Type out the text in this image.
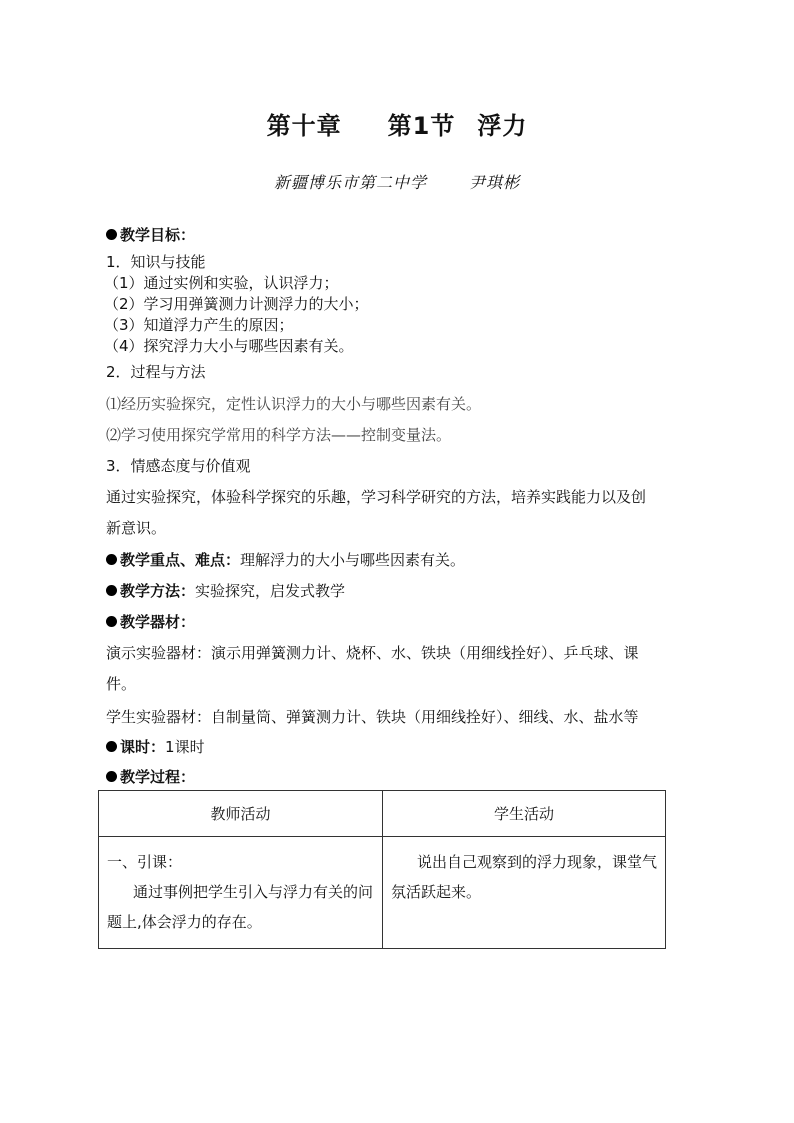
第十章 第1节 浮力
新疆博乐市第二中学	尹琪彬
教学目标：
1．知识与技能
（1）通过实例和实验，认识浮力；
（2）学习用弹簧测力计测浮力的大小；
（3）知道浮力产生的原因；
（4）探究浮力大小与哪些因素有关。
2．过程与方法
⑴经历实验探究，定性认识浮力的大小与哪些因素有关。
⑵学习使用探究学常用的科学方法——控制变量法。
3．情感态度与价值观
通过实验探究，体验科学探究的乐趣，学习科学研究的方法，培养实践能力以及创
新意识。
教学重点、难点：理解浮力的大小与哪些因素有关。
教学方法：实验探究，启发式教学
教学器材：
演示实验器材：演示用弹簧测力计、烧杯、水、铁块（用细线拴好）、乒乓球、课
件。
学生实验器材：自制量筒、弹簧测力计、铁块（用细线拴好）、细线、水、盐水等
课时：1课时
教学过程：
教师活动	学生活动

一、引课：
通过事例把学生引入与浮力有关的问题上,体会浮力的存在。	说出自己观察到的浮力现象，课堂气氛活跃起来。
